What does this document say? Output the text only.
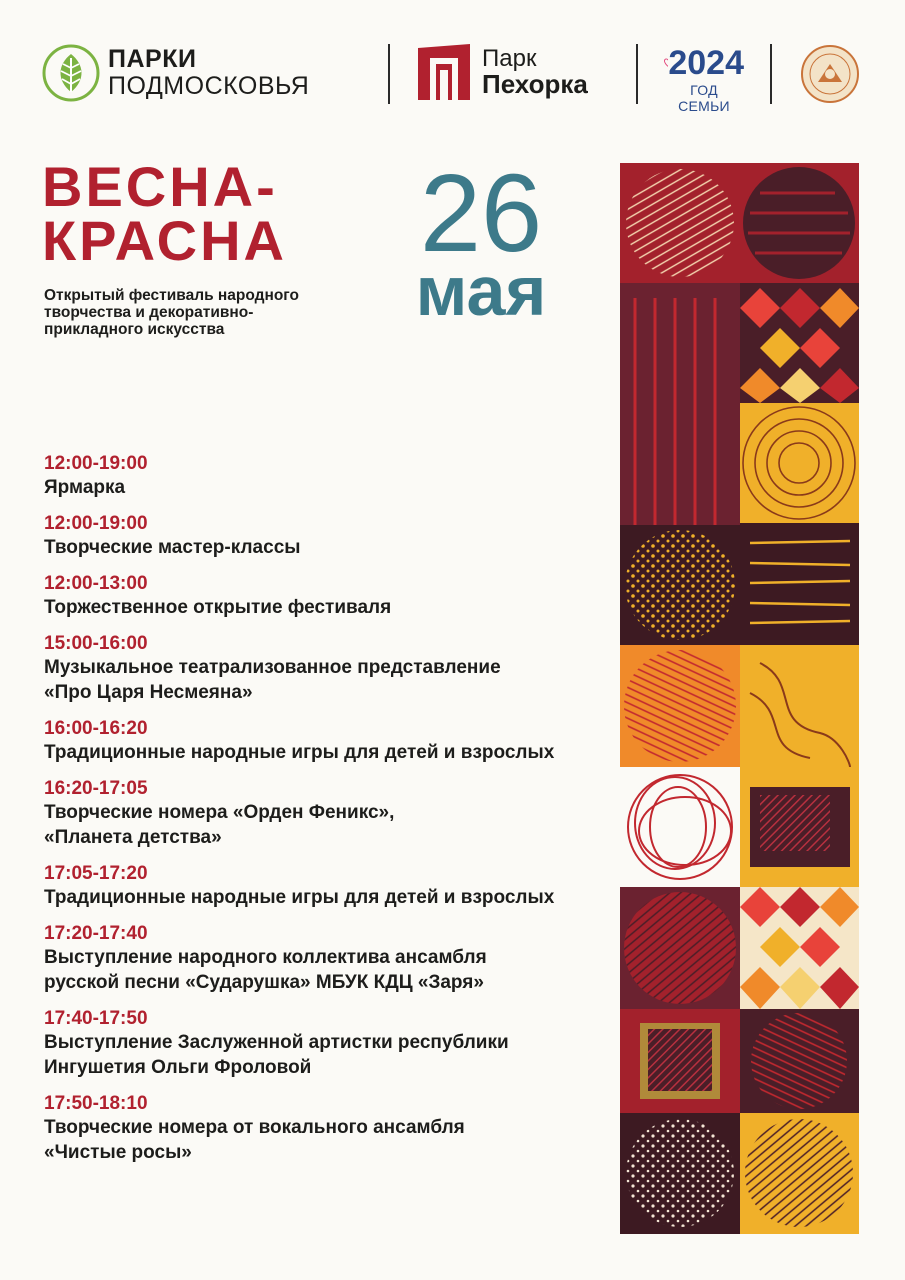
ПАРКИ
ПОДМОСКОВЬЯ
Парк
Пехорка
2024
ГОД СЕМЬИ
ВЕСНА-
КРАСНА
Открытый фестиваль народного творчества и декоративно-прикладного искусства
26
мая
12:00-19:00
Ярмарка
12:00-19:00
Творческие мастер-классы
12:00-13:00
Торжественное открытие фестиваля
15:00-16:00
Музыкальное театрализованное представление
«Про Царя Несмеяна»
16:00-16:20
Традиционные народные игры для детей и взрослых
16:20-17:05
Творческие номера «Орден Феникс»,
«Планета детства»
17:05-17:20
Традиционные народные игры для детей и взрослых
17:20-17:40
Выступление народного коллектива ансамбля
русской песни «Сударушка» МБУК КДЦ «Заря»
17:40-17:50
Выступление Заслуженной артистки республики
Ингушетия Ольги Фроловой
17:50-18:10
Творческие номера от вокального ансамбля
«Чистые росы»
